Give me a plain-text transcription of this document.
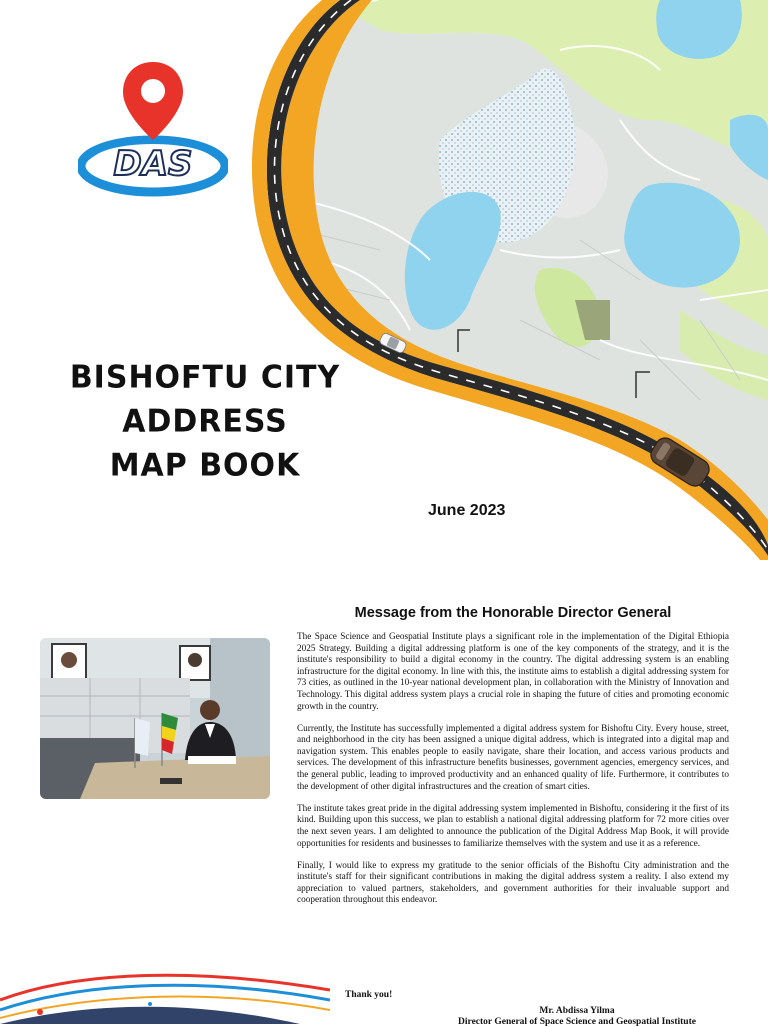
DAS
BISHOFTU CITY
ADDRESS
MAP BOOK
June 2023
Message from the Honorable Director General

The Space Science and Geospatial Institute plays a significant role in the implementation of the Digital Ethiopia 2025 Strategy. Building a digital addressing platform is one of the key components of the strategy, and it is the institute's responsibility to build a digital economy in the country. The digital addressing system is an enabling infrastructure for the digital economy. In line with this, the institute aims to establish a digital addressing system for 73 cities, as outlined in the 10-year national development plan, in collaboration with the Ministry of Innovation and Technology. This digital address system plays a crucial role in shaping the future of cities and promoting economic growth in the country.

Currently, the Institute has successfully implemented a digital address system for Bishoftu City. Every house, street, and neighborhood in the city has been assigned a unique digital address, which is integrated into a digital map and navigation system. This enables people to easily navigate, share their location, and access various products and services. The development of this infrastructure benefits businesses, government agencies, emergency services, and the general public, leading to improved productivity and an enhanced quality of life. Furthermore, it contributes to the development of other digital infrastructures and the creation of smart cities.

The institute takes great pride in the digital addressing system implemented in Bishoftu, considering it the first of its kind. Building upon this success, we plan to establish a national digital addressing platform for 72 more cities over the next seven years. I am delighted to announce the publication of the Digital Address Map Book, it will provide opportunities for residents and businesses to familiarize themselves with the system and use it as a reference.

Finally, I would like to express my gratitude to the senior officials of the Bishoftu City administration and the institute's staff for their significant contributions in making the digital address system a reality. I also extend my appreciation to valued partners, stakeholders, and government authorities for their invaluable support and cooperation throughout this endeavor.

Thank you!
Mr. Abdissa Yilma
Director General of Space Science and Geospatial Institute
